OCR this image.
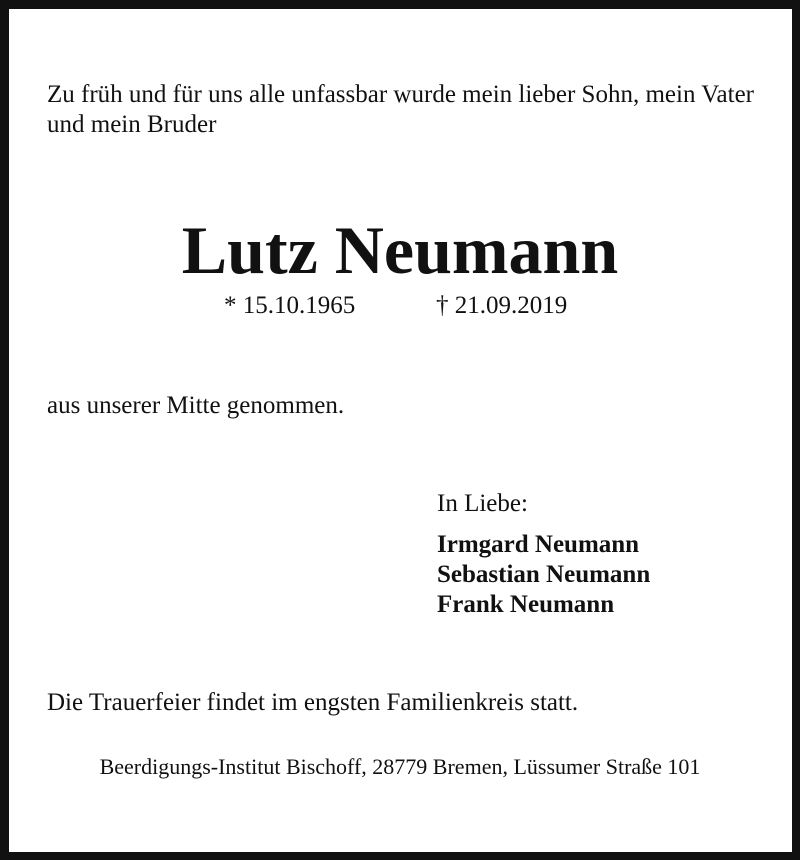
Zu früh und für uns alle unfassbar wurde mein lieber Sohn, mein Vater und mein Bruder

Lutz Neumann
* 15.10.1965	† 21.09.2019

aus unserer Mitte genommen.

In Liebe:
Irmgard Neumann
Sebastian Neumann
Frank Neumann

Die Trauerfeier findet im engsten Familienkreis statt.

Beerdigungs-Institut Bischoff, 28779 Bremen, Lüssumer Straße 101
